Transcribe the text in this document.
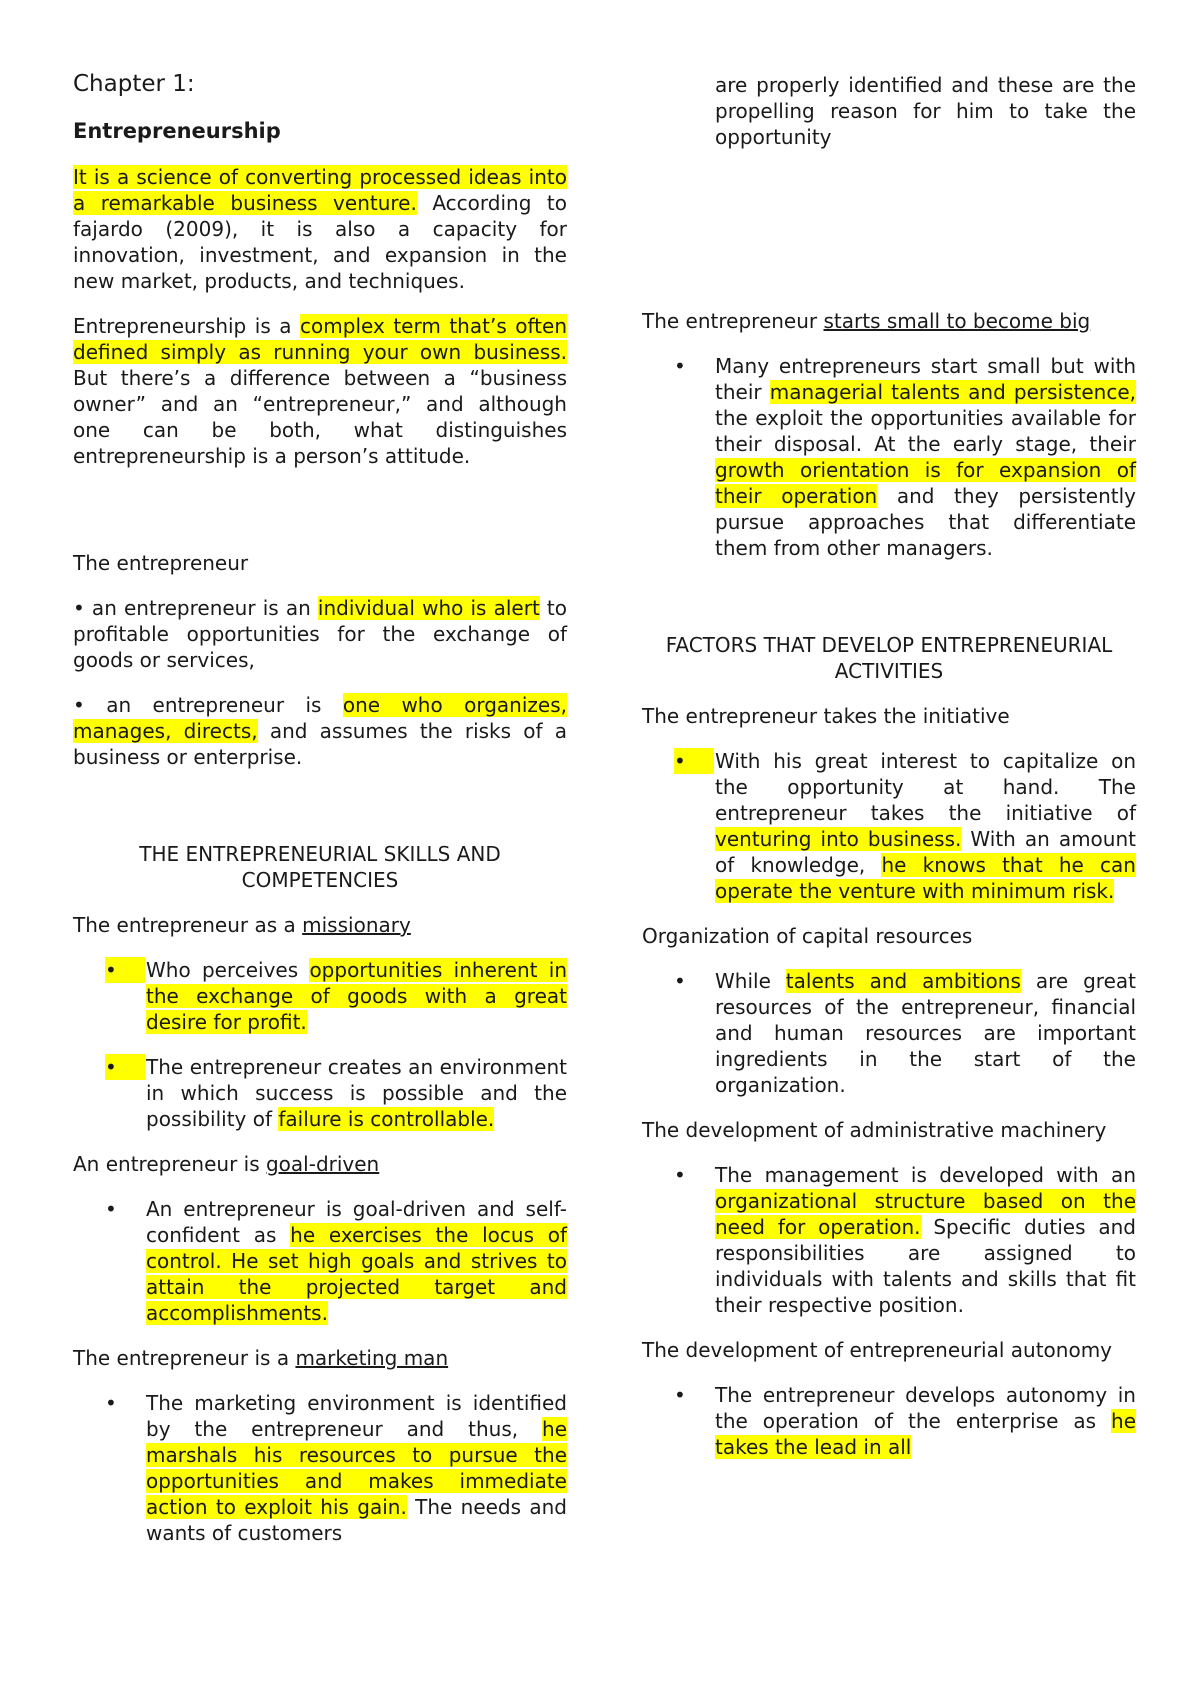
Chapter 1:
Entrepreneurship

It is a science of converting processed ideas into a remarkable business venture. According to fajardo (2009), it is also a capacity for innovation, investment, and expansion in the new market, products, and techniques.

Entrepreneurship is a complex term that’s often defined simply as running your own business. But there’s a difference between a “business owner” and an “entrepreneur,” and although one can be both, what distinguishes entrepreneurship is a person’s attitude.

The entrepreneur

• an entrepreneur is an individual who is alert to profitable opportunities for the exchange of goods or services,

• an entrepreneur is one who organizes, manages, directs, and assumes the risks of a business or enterprise.

THE ENTREPRENEURIAL SKILLS AND COMPETENCIES

The entrepreneur as a missionary

•	Who perceives opportunities inherent in the exchange of goods with a great desire for profit.
•	The entrepreneur creates an environment in which success is possible and the possibility of failure is controllable.

An entrepreneur is goal-driven

•	An entrepreneur is goal-driven and self-confident as he exercises the locus of control. He set high goals and strives to attain the projected target and accomplishments.

The entrepreneur is a marketing man

•	The marketing environment is identified by the entrepreneur and thus, he marshals his resources to pursue the opportunities and makes immediate action to exploit his gain. The needs and wants of customers
are properly identified and these are the propelling reason for him to take the opportunity

The entrepreneur starts small to become big

•	Many entrepreneurs start small but with their managerial talents and persistence, the exploit the opportunities available for their disposal. At the early stage, their growth orientation is for expansion of their operation and they persistently pursue approaches that differentiate them from other managers.

FACTORS THAT DEVELOP ENTREPRENEURIAL ACTIVITIES

The entrepreneur takes the initiative

•	With his great interest to capitalize on the opportunity at hand. The entrepreneur takes the initiative of venturing into business. With an amount of knowledge, he knows that he can operate the venture with minimum risk.

Organization of capital resources

•	While talents and ambitions are great resources of the entrepreneur, financial and human resources are important ingredients in the start of the organization.

The development of administrative machinery

•	The management is developed with an organizational structure based on the need for operation. Specific duties and responsibilities are assigned to individuals with talents and skills that fit their respective position.

The development of entrepreneurial autonomy

•	The entrepreneur develops autonomy in the operation of the enterprise as he takes the lead in all
